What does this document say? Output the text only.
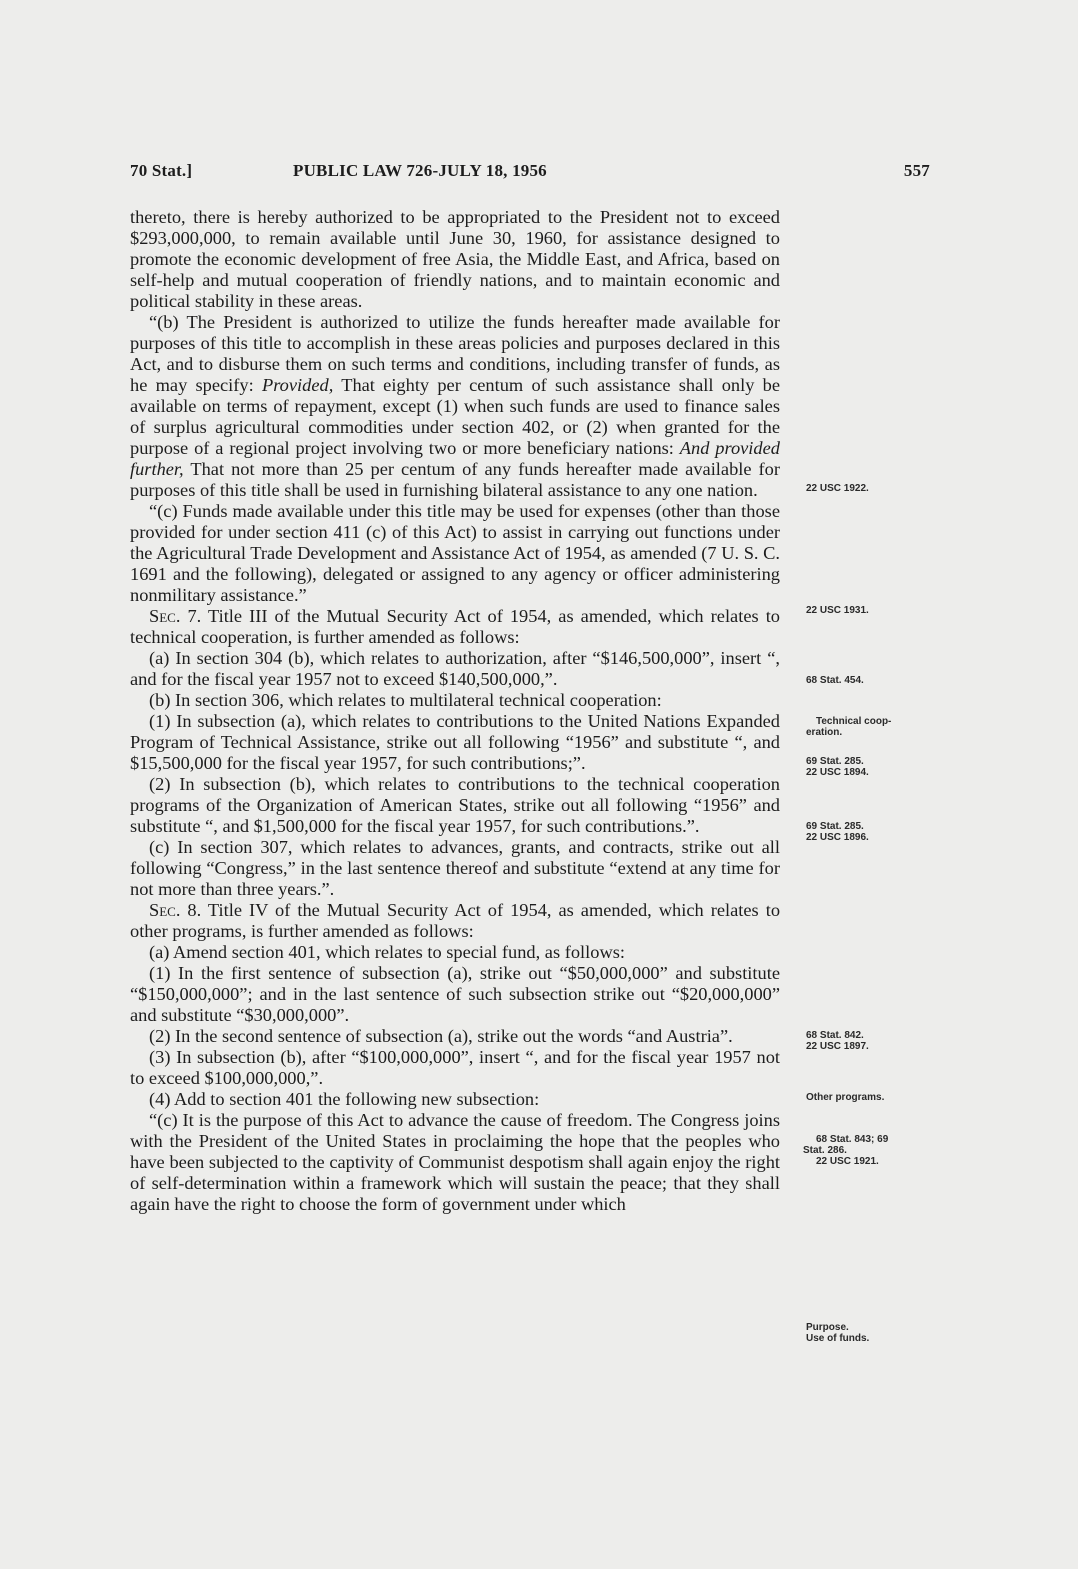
70 Stat.]	PUBLIC LAW 726-JULY 18, 1956	557

thereto, there is hereby authorized to be appropriated to the President not to exceed $293,000,000, to remain available until June 30, 1960, for assistance designed to promote the economic development of free Asia, the Middle East, and Africa, based on self-help and mutual cooperation of friendly nations, and to maintain economic and political stability in these areas.

“(b) The President is authorized to utilize the funds hereafter made available for purposes of this title to accomplish in these areas policies and purposes declared in this Act, and to disburse them on such terms and conditions, including transfer of funds, as he may specify: Provided, That eighty per centum of such assistance shall only be available on terms of repayment, except (1) when such funds are used to finance sales of surplus agricultural commodities under section 402, or (2) when granted for the purpose of a regional project involving two or more beneficiary nations: And provided further, That not more than 25 per centum of any funds hereafter made available for purposes of this title shall be used in furnishing bilateral assistance to any one nation.

“(c) Funds made available under this title may be used for expenses (other than those provided for under section 411 (c) of this Act) to assist in carrying out functions under the Agricultural Trade Development and Assistance Act of 1954, as amended (7 U. S. C. 1691 and the following), delegated or assigned to any agency or officer administering nonmilitary assistance.”

Sec. 7. Title III of the Mutual Security Act of 1954, as amended, which relates to technical cooperation, is further amended as follows:

(a) In section 304 (b), which relates to authorization, after “$146,500,000”, insert “, and for the fiscal year 1957 not to exceed $140,500,000,”.

(b) In section 306, which relates to multilateral technical cooperation:

(1) In subsection (a), which relates to contributions to the United Nations Expanded Program of Technical Assistance, strike out all following “1956” and substitute “, and $15,500,000 for the fiscal year 1957, for such contributions;”.

(2) In subsection (b), which relates to contributions to the technical cooperation programs of the Organization of American States, strike out all following “1956” and substitute “, and $1,500,000 for the fiscal year 1957, for such contributions.”.

(c) In section 307, which relates to advances, grants, and contracts, strike out all following “Congress,” in the last sentence thereof and substitute “extend at any time for not more than three years.”.

Sec. 8. Title IV of the Mutual Security Act of 1954, as amended, which relates to other programs, is further amended as follows:

(a) Amend section 401, which relates to special fund, as follows:

(1) In the first sentence of subsection (a), strike out “$50,000,000” and substitute “$150,000,000”; and in the last sentence of such subsection strike out “$20,000,000” and substitute “$30,000,000”.

(2) In the second sentence of subsection (a), strike out the words “and Austria”.

(3) In subsection (b), after “$100,000,000”, insert “, and for the fiscal year 1957 not to exceed $100,000,000,”.

(4) Add to section 401 the following new subsection:

“(c) It is the purpose of this Act to advance the cause of freedom. The Congress joins with the President of the United States in proclaiming the hope that the peoples who have been subjected to the captivity of Communist despotism shall again enjoy the right of self-determination within a framework which will sustain the peace; that they shall again have the right to choose the form of government under which

22 USC 1922.
22 USC 1931.
68 Stat. 454.
Technical coop-
eration.
69 Stat. 285.
22 USC 1894.
69 Stat. 285.
22 USC 1896.
68 Stat. 842.
22 USC 1897.
Other programs.
68 Stat. 843; 69
Stat. 286.
22 USC 1921.
Purpose.
Use of funds.
